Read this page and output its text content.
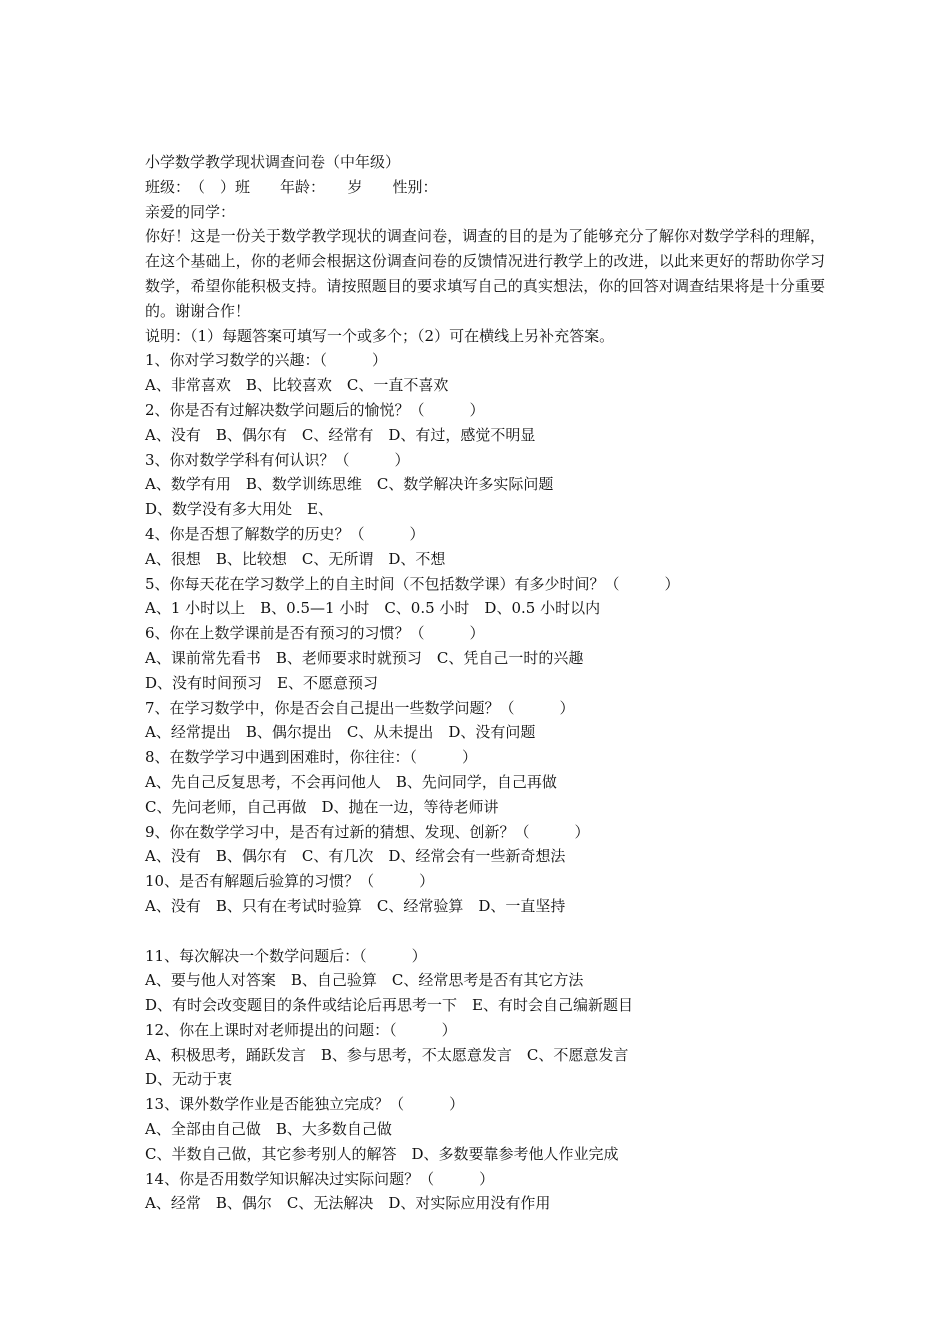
小学数学教学现状调查问卷（中年级）
班级：　（　）班　　年龄：　　岁　　性别：
亲爱的同学：
你好！这是一份关于数学教学现状的调查问卷，调查的目的是为了能够充分了解你对数学学科的理解，在这个基础上，你的老师会根据这份调查问卷的反馈情况进行教学上的改进，以此来更好的帮助你学习数学，希望你能积极支持。请按照题目的要求填写自己的真实想法，你的回答对调查结果将是十分重要的。谢谢合作！
说明：（1）每题答案可填写一个或多个；（2）可在横线上另补充答案。
1、你对学习数学的兴趣：（　　　）
A、非常喜欢　B、比较喜欢　C、一直不喜欢
2、你是否有过解决数学问题后的愉悦？（　　　）
A、没有　B、偶尔有　C、经常有　D、有过，感觉不明显
3、你对数学学科有何认识？（　　　）
A、数学有用　B、数学训练思维　C、数学解决许多实际问题
D、数学没有多大用处　E、
4、你是否想了解数学的历史？（　　　）
A、很想　B、比较想　C、无所谓　D、不想
5、你每天花在学习数学上的自主时间（不包括数学课）有多少时间？（　　　）
A、1 小时以上　B、0.5—1 小时　C、0.5 小时　D、0.5 小时以内
6、你在上数学课前是否有预习的习惯？（　　　）
A、课前常先看书　B、老师要求时就预习　C、凭自己一时的兴趣
D、没有时间预习　E、不愿意预习
7、在学习数学中，你是否会自己提出一些数学问题？（　　　）
A、经常提出　B、偶尔提出　C、从未提出　D、没有问题
8、在数学学习中遇到困难时，你往往：（　　　）
A、先自己反复思考，不会再问他人　B、先问同学，自己再做
C、先问老师，自己再做　D、抛在一边，等待老师讲
9、你在数学学习中，是否有过新的猜想、发现、创新？（　　　）
A、没有　B、偶尔有　C、有几次　D、经常会有一些新奇想法
10、是否有解题后验算的习惯？（　　　）
A、没有　B、只有在考试时验算　C、经常验算　D、一直坚持
11、每次解决一个数学问题后：（　　　）
A、要与他人对答案　B、自己验算　C、经常思考是否有其它方法
D、有时会改变题目的条件或结论后再思考一下　E、有时会自己编新题目
12、你在上课时对老师提出的问题：（　　　）
A、积极思考，踊跃发言　B、参与思考，不太愿意发言　C、不愿意发言
D、无动于衷
13、课外数学作业是否能独立完成？（　　　）
A、全部由自己做　B、大多数自己做
C、半数自己做，其它参考别人的解答　D、多数要靠参考他人作业完成
14、你是否用数学知识解决过实际问题？（　　　）
A、经常　B、偶尔　C、无法解决　D、对实际应用没有作用
